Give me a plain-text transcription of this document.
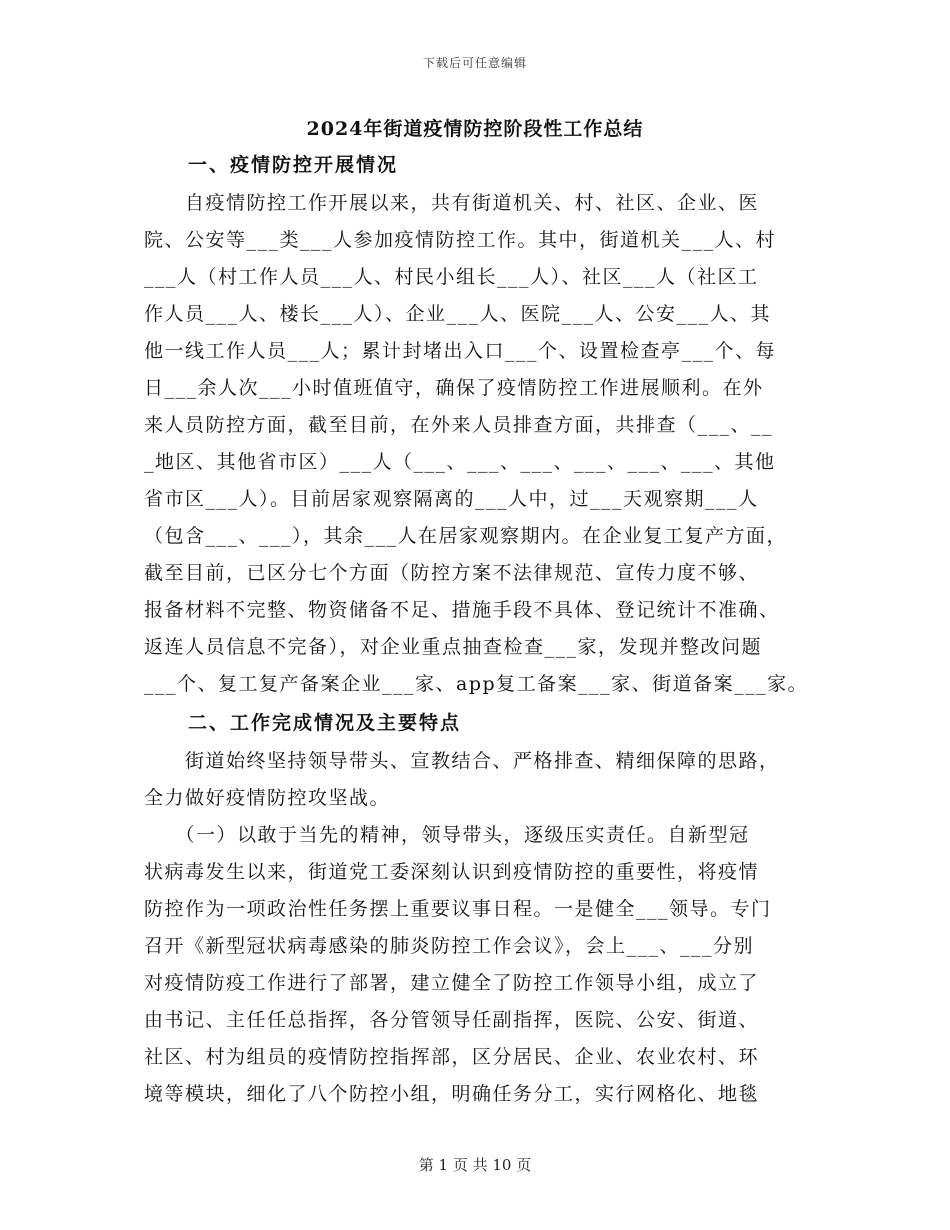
下载后可任意编辑
2024年街道疫情防控阶段性工作总结
一、疫情防控开展情况
　　自疫情防控工作开展以来，共有街道机关、村、社区、企业、医
院、公安等___类___人参加疫情防控工作。其中，街道机关___人、村
___人（村工作人员___人、村民小组长___人）、社区___人（社区工
作人员___人、楼长___人）、企业___人、医院___人、公安___人、其
他一线工作人员___人；累计封堵出入口___个、设置检查亭___个、每
日___余人次___小时值班值守，确保了疫情防控工作进展顺利。在外
来人员防控方面，截至目前，在外来人员排查方面，共排查（___、__
_地区、其他省市区）___人（___、___、___、___、___、___、其他
省市区___人）。目前居家观察隔离的___人中，过___天观察期___人
（包含___、___），其余___人在居家观察期内。在企业复工复产方面，
截至目前，已区分七个方面（防控方案不法律规范、宣传力度不够、
报备材料不完整、物资储备不足、措施手段不具体、登记统计不准确、
返连人员信息不完备），对企业重点抽查检查___家，发现并整改问题
___个、复工复产备案企业___家、app复工备案___家、街道备案___家。
二、工作完成情况及主要特点
　　街道始终坚持领导带头、宣教结合、严格排查、精细保障的思路，
全力做好疫情防控攻坚战。
　　（一）以敢于当先的精神，领导带头，逐级压实责任。自新型冠
状病毒发生以来，街道党工委深刻认识到疫情防控的重要性，将疫情
防控作为一项政治性任务摆上重要议事日程。一是健全___领导。专门
召开《新型冠状病毒感染的肺炎防控工作会议》，会上___、___分别
对疫情防疫工作进行了部署，建立健全了防控工作领导小组，成立了
由书记、主任任总指挥，各分管领导任副指挥，医院、公安、街道、
社区、村为组员的疫情防控指挥部，区分居民、企业、农业农村、环
境等模块，细化了八个防控小组，明确任务分工，实行网格化、地毯
第 1 页 共 10 页
